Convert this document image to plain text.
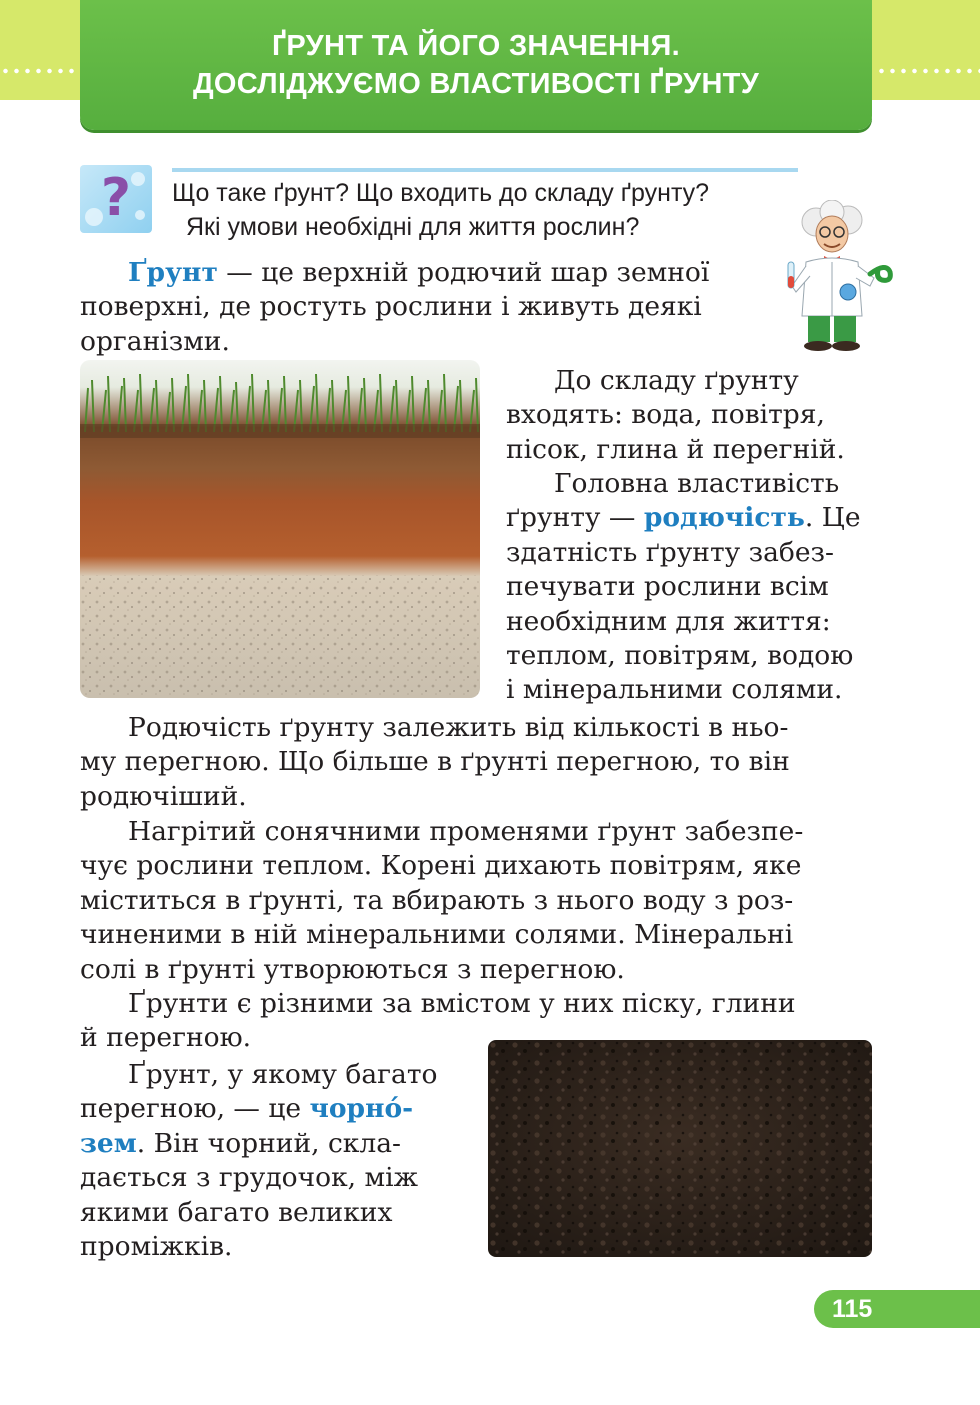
ҐРУНТ ТА ЙОГО ЗНАЧЕННЯ.
ДОСЛІДЖУЄМО ВЛАСТИВОСТІ ҐРУНТУ
? Що таке ґрунт? Що входить до складу ґрунту?
Які умови необхідні для життя рослин?

Ґрунт — це верхній родючий шар земної
поверхні, де ростуть рослини і живуть деякі
організми.

До складу ґрунту
входять: вода, повітря,
пісок, глина й перегній.

Головна властивість
ґрунту — родючість. Це
здатність ґрунту забез-
печувати рослини всім
необхідним для життя:
теплом, повітрям, водою
і мінеральними солями.

Родючість ґрунту залежить від кількості в ньо-
му перегною. Що більше в ґрунті перегною, то він
родючіший.

Нагрітий сонячними променями ґрунт забезпе-
чує рослини теплом. Корені дихають повітрям, яке
міститься в ґрунті, та вбирають з нього воду з роз-
чиненими в ній мінеральними солями. Мінеральні
солі в ґрунті утворюються з перегною.

Ґрунти є різними за вмістом у них піску, глини
й перегною.

Ґрунт, у якому багато
перегною, — це чорно́-
зем. Він чорний, скла-
дається з грудочок, між
якими багато великих
проміжків.

115
